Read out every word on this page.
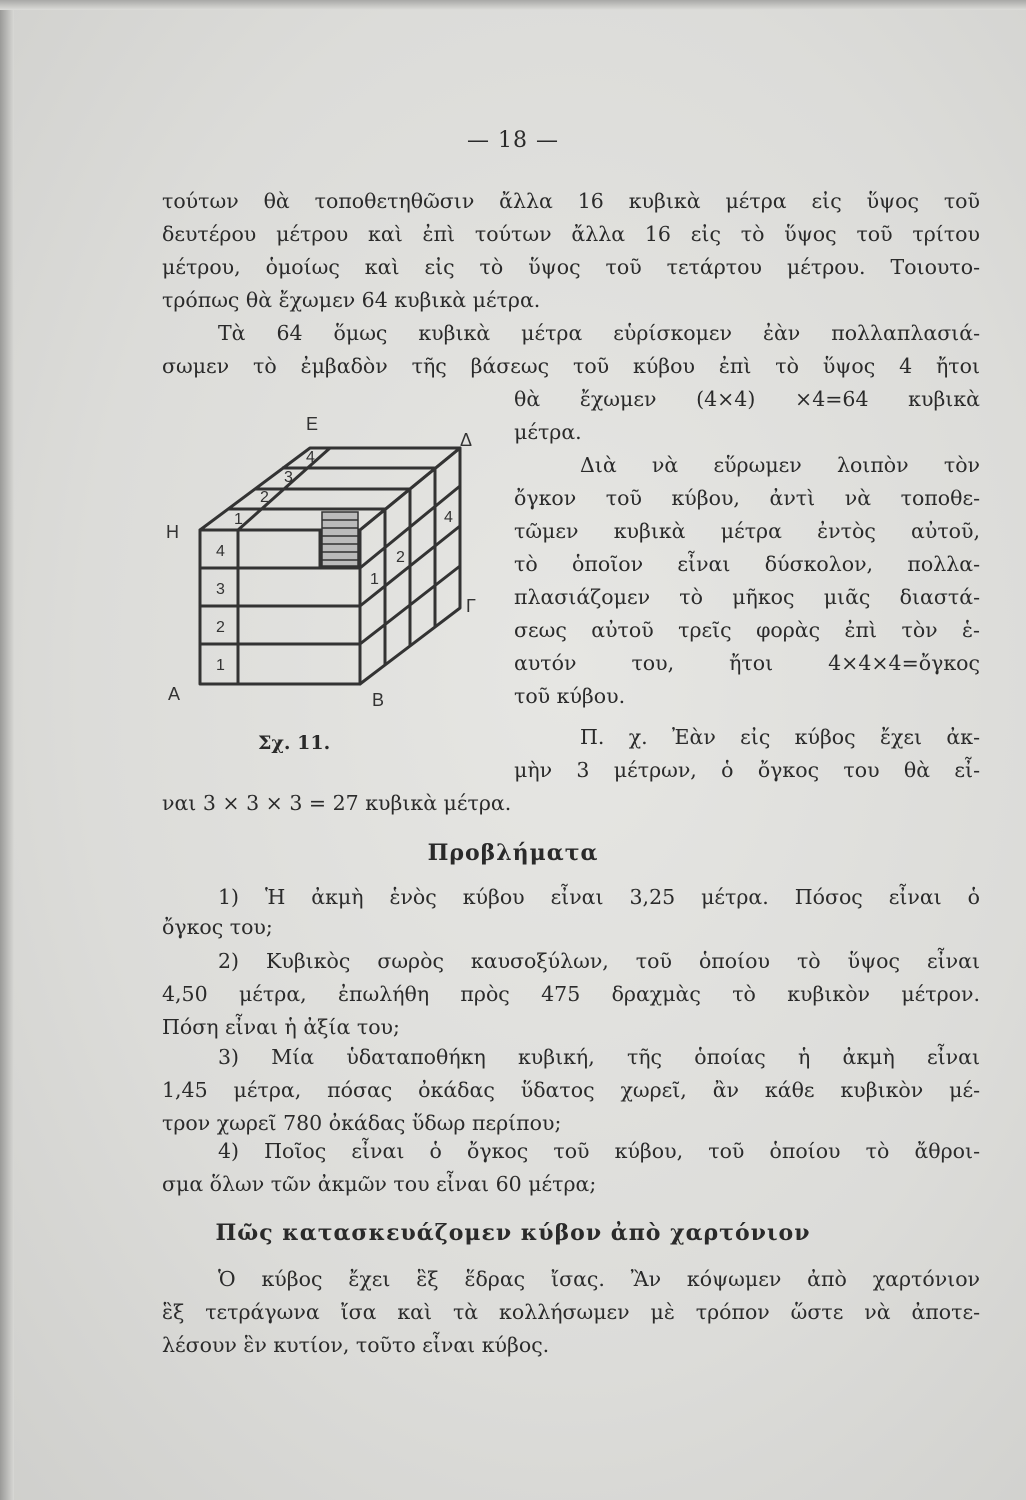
— 18 —
τούτων θὰ τοποθετηθῶσιν ἄλλα 16 κυβικὰ μέτρα εἰς ὕψος τοῦ
δευτέρου μέτρου καὶ ἐπὶ τούτων ἄλλα 16 εἰς τὸ ὕψος τοῦ τρίτου
μέτρου, ὁμοίως καὶ εἰς τὸ ὕψος τοῦ τετάρτου μέτρου. Τοιουτο-
τρόπως θὰ ἔχωμεν 64 κυβικὰ μέτρα.
Τὰ 64 ὅμως κυβικὰ μέτρα εὑρίσκομεν ἐὰν πολλαπλασιά-
σωμεν τὸ ἐμβαδὸν τῆς βάσεως τοῦ κύβου ἐπὶ τὸ ὕψος 4 ἤτοι
θὰ ἔχωμεν (4×4) ×4=64 κυβικὰ
μέτρα.
Διὰ νὰ εὕρωμεν λοιπὸν τὸν
ὄγκον τοῦ κύβου, ἀντὶ νὰ τοποθε-
τῶμεν κυβικὰ μέτρα ἐντὸς αὐτοῦ,
τὸ ὁποῖον εἶναι δύσκολον, πολλα-
πλασιάζομεν τὸ μῆκος μιᾶς διαστά-
σεως αὐτοῦ τρεῖς φορὰς ἐπὶ τὸν ἑ-
αυτόν του, ἤτοι 4×4×4=ὄγκος
τοῦ κύβου.
Π. χ. Ἐὰν εἰς κύβος ἔχει ἀκ-
μὴν 3 μέτρων, ὁ ὄγκος του θὰ εἶ-
ναι 3 × 3 × 3 = 27 κυβικὰ μέτρα.
4
3
2
1
4
3
2
1
1
2
4
Ε
Δ
Η
Γ
Α	Β
Σχ. 11.
Προβλήματα
1) Ἡ ἀκμὴ ἑνὸς κύβου εἶναι 3,25 μέτρα. Πόσος εἶναι ὁ
ὄγκος του;
2) Κυβικὸς σωρὸς καυσοξύλων, τοῦ ὁποίου τὸ ὕψος εἶναι
4,50 μέτρα, ἐπωλήθη πρὸς 475 δραχμὰς τὸ κυβικὸν μέτρον.
Πόση εἶναι ἡ ἀξία του;
3) Μία ὑδαταποθήκη κυβική, τῆς ὁποίας ἡ ἀκμὴ εἶναι
1,45 μέτρα, πόσας ὀκάδας ὕδατος χωρεῖ, ἂν κάθε κυβικὸν μέ-
τρον χωρεῖ 780 ὀκάδας ὕδωρ περίπου;
4) Ποῖος εἶναι ὁ ὄγκος τοῦ κύβου, τοῦ ὁποίου τὸ ἄθροι-
σμα ὅλων τῶν ἀκμῶν του εἶναι 60 μέτρα;
Πῶς κατασκευάζομεν κύβον ἀπὸ χαρτόνιον
Ὁ κύβος ἔχει ἓξ ἕδρας ἴσας. Ἂν κόψωμεν ἀπὸ χαρτόνιον
ἓξ τετράγωνα ἴσα καὶ τὰ κολλήσωμεν μὲ τρόπον ὥστε νὰ ἀποτε-
λέσουν ἓν κυτίον, τοῦτο εἶναι κύβος.
